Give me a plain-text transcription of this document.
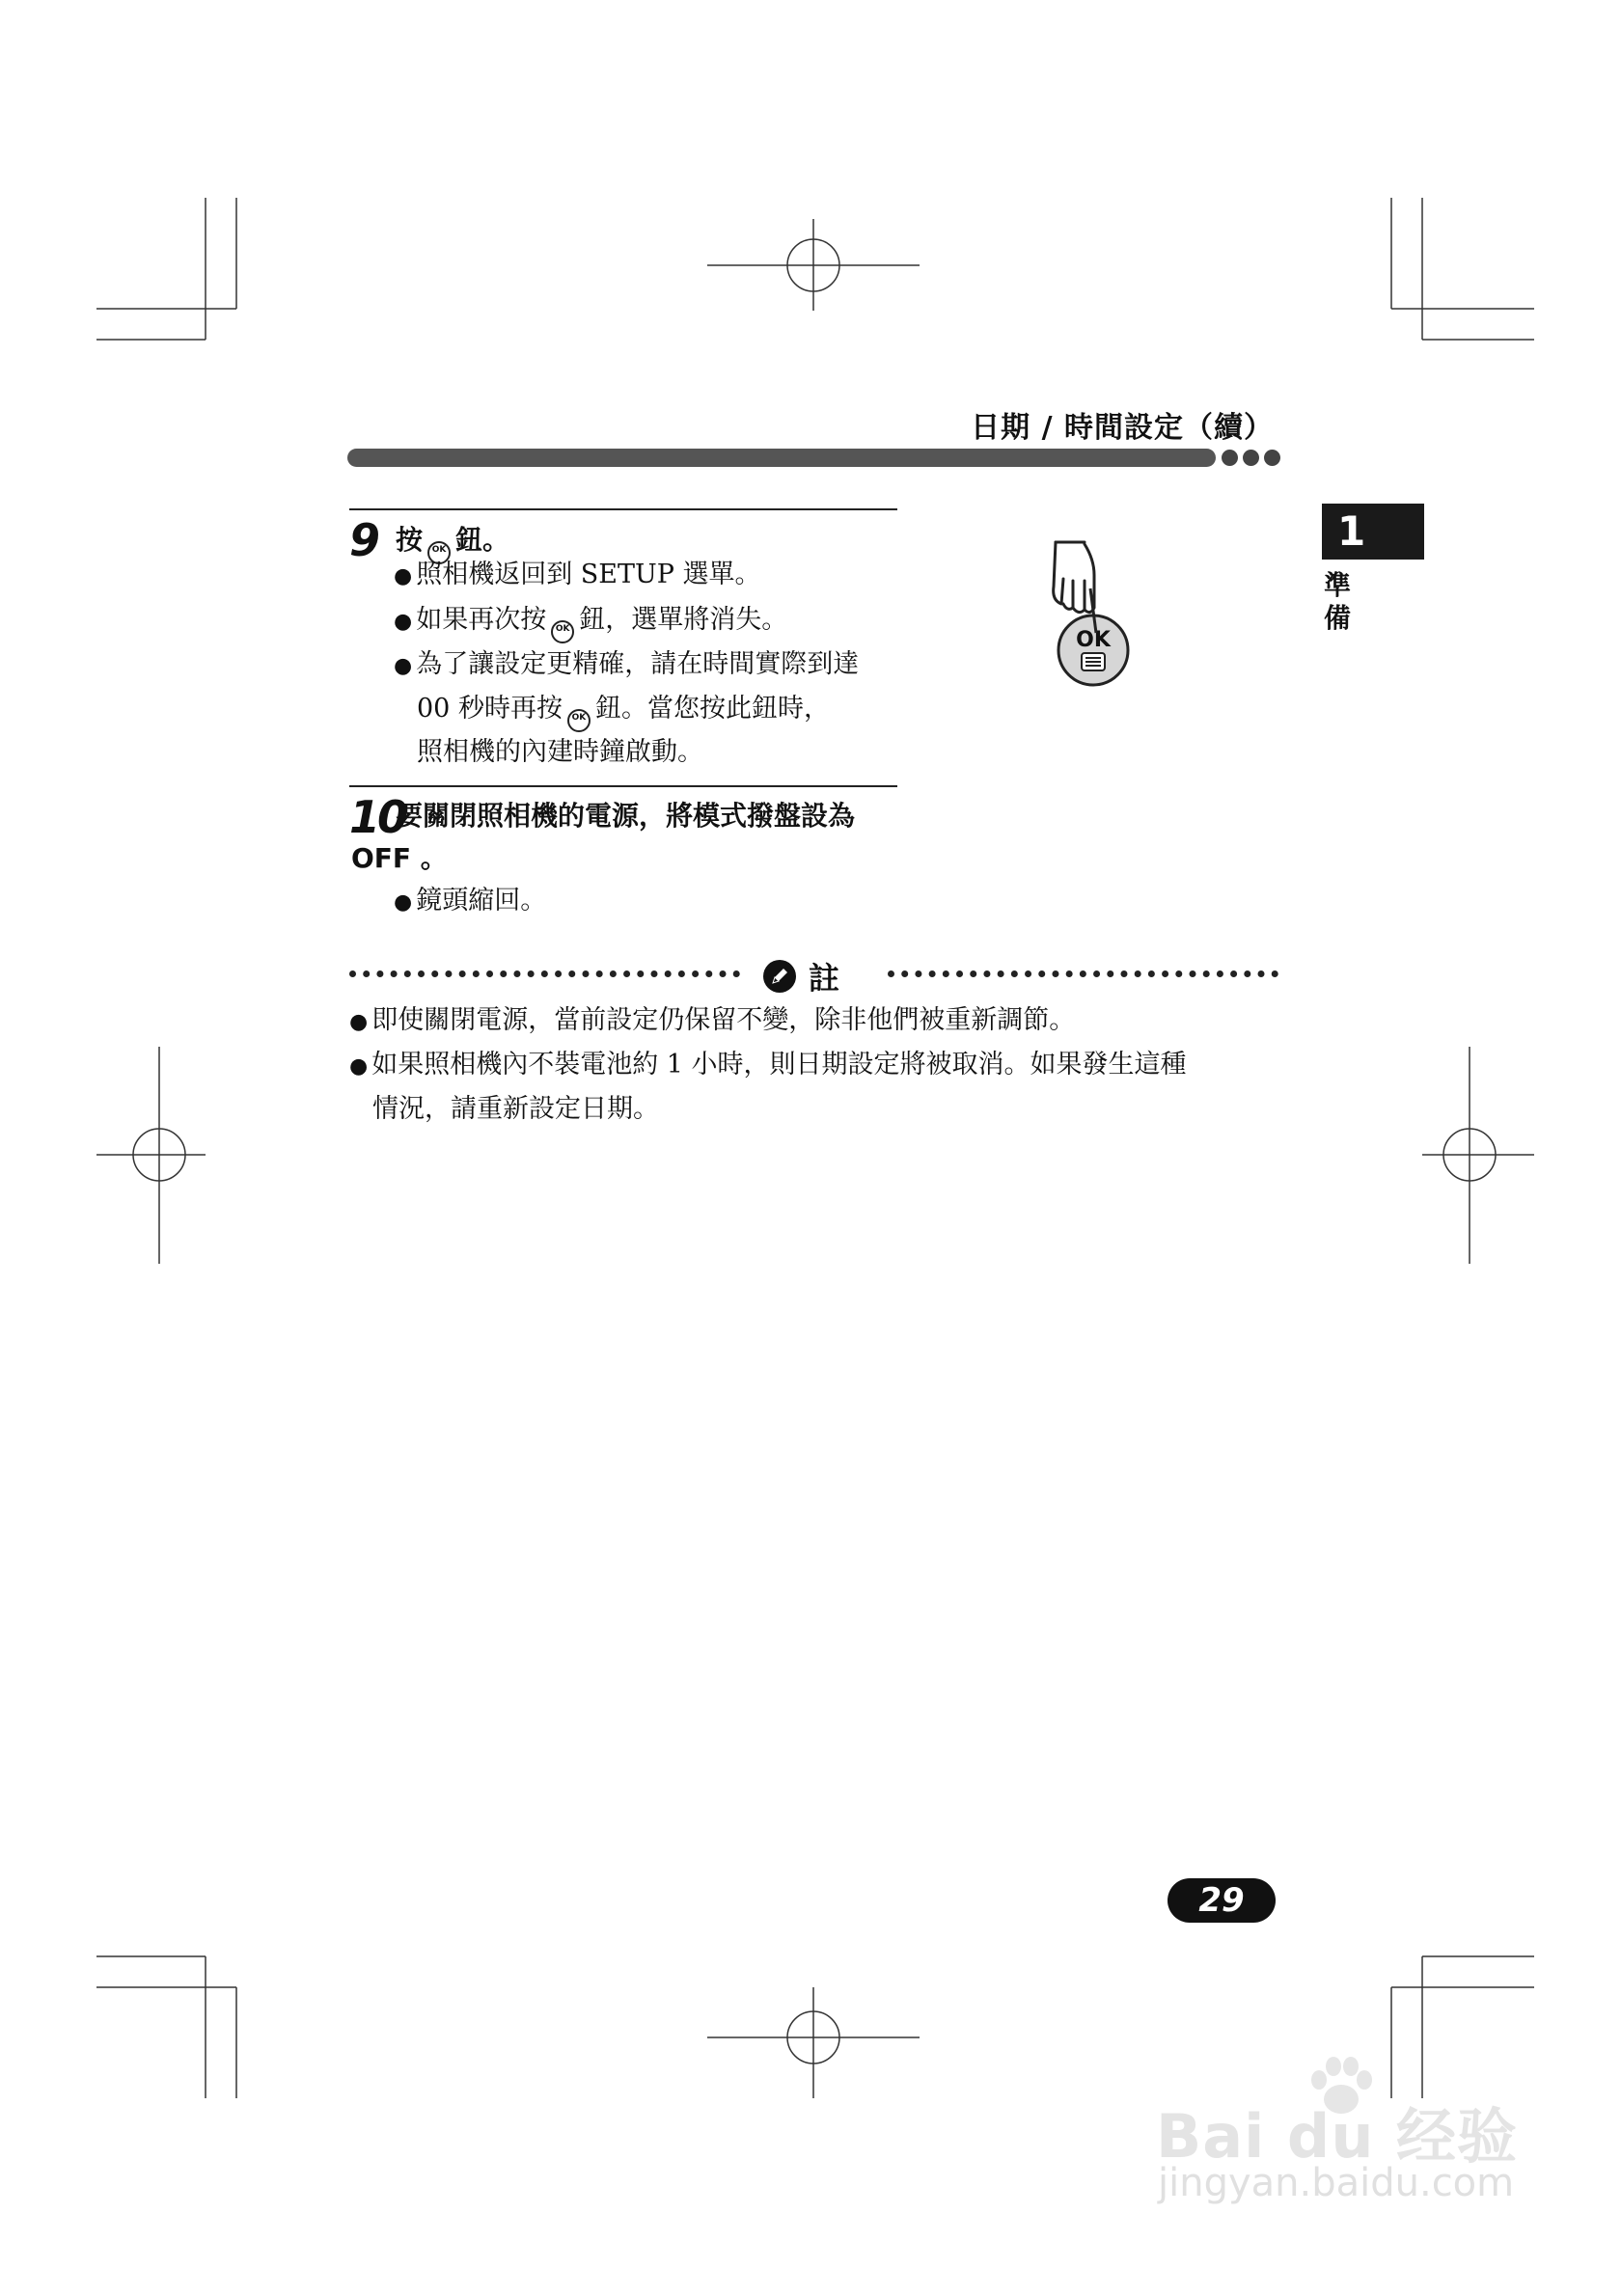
日期 / 時間設定（續）
1
準
備
9 按 OK 鈕。
● 照相機返回到 SETUP 選單。
● 如果再次按 OK 鈕，選單將消失。
● 為了讓設定更精確，請在時間實際到達
00 秒時再按 OK 鈕。當您按此鈕時，
照相機的內建時鐘啟動。
OK
10
要關閉照相機的電源，將模式撥盤設為
OFF 。
● 鏡頭縮回。
註
● 即使關閉電源，當前設定仍保留不變，除非他們被重新調節。
● 如果照相機內不裝電池約 1 小時，則日期設定將被取消。如果發生這種
情況，請重新設定日期。
29
Bai du 经验
jingyan.baidu.com
